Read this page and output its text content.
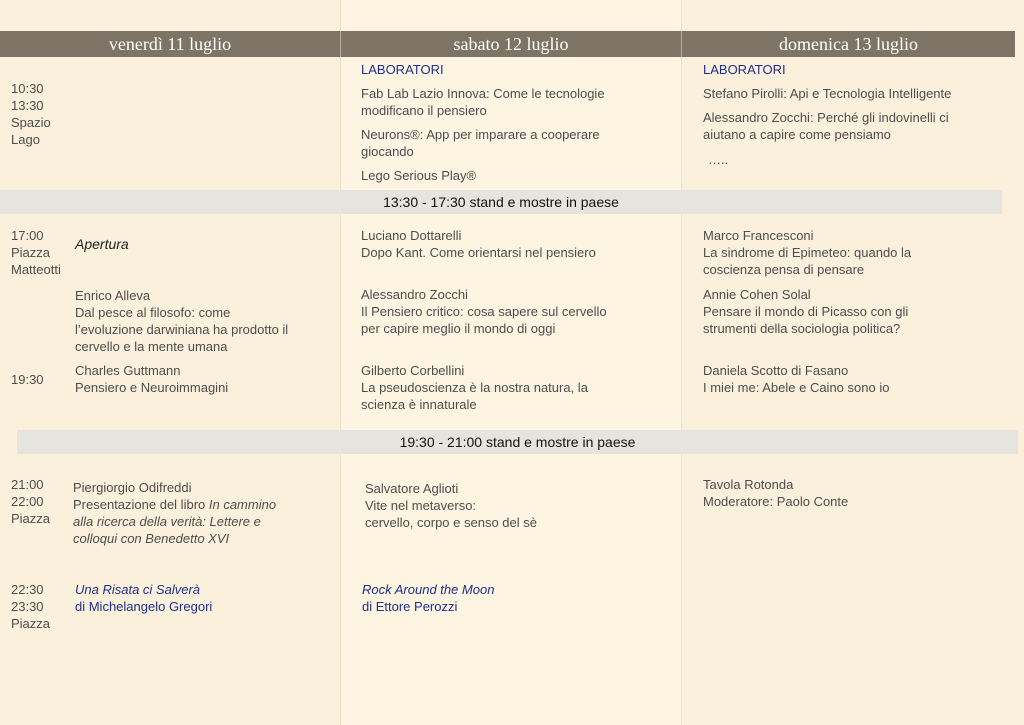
venerdì 11 luglio	sabato 12 luglio	domenica 13 luglio
10:30
13:30
Spazio
Lago
LABORATORI
Fab Lab Lazio Innova: Come le tecnologie
modificano il pensiero
Neurons®: App per imparare a cooperare
giocando
Lego Serious Play®
LABORATORI
Stefano Pirolli: Api e Tecnologia Intelligente
Alessandro Zocchi: Perché gli indovinelli ci
aiutano a capire come pensiamo
…..
13:30 - 17:30 stand e mostre in paese
17:00
Piazza
Matteotti
19:30
Apertura
Enrico Alleva
Dal pesce al filosofo: come
l’evoluzione darwiniana ha prodotto il
cervello e la mente umana
Charles Guttmann
Pensiero e Neuroimmagini
Luciano Dottarelli
Dopo Kant. Come orientarsi nel pensiero
Alessandro Zocchi
Il Pensiero critico: cosa sapere sul cervello
per capire meglio il mondo di oggi
Gilberto Corbellini
La pseudoscienza è la nostra natura, la
scienza è innaturale
Marco Francesconi
La sindrome di Epimeteo: quando la
coscienza pensa di pensare
Annie Cohen Solal
Pensare il mondo di Picasso con gli
strumenti della sociologia politica?
Daniela Scotto di Fasano
I miei me: Abele e Caino sono io
19:30 - 21:00 stand e mostre in paese
21:00
22:00
Piazza
Piergiorgio Odifreddi
Presentazione del libro In cammino
alla ricerca della verità: Lettere e
colloqui con Benedetto XVI
Salvatore Aglioti
Vite nel metaverso:
cervello, corpo e senso del sè
Tavola Rotonda
Moderatore: Paolo Conte
22:30
23:30
Piazza
Una Risata ci Salverà
di Michelangelo Gregori
Rock Around the Moon
di Ettore Perozzi
